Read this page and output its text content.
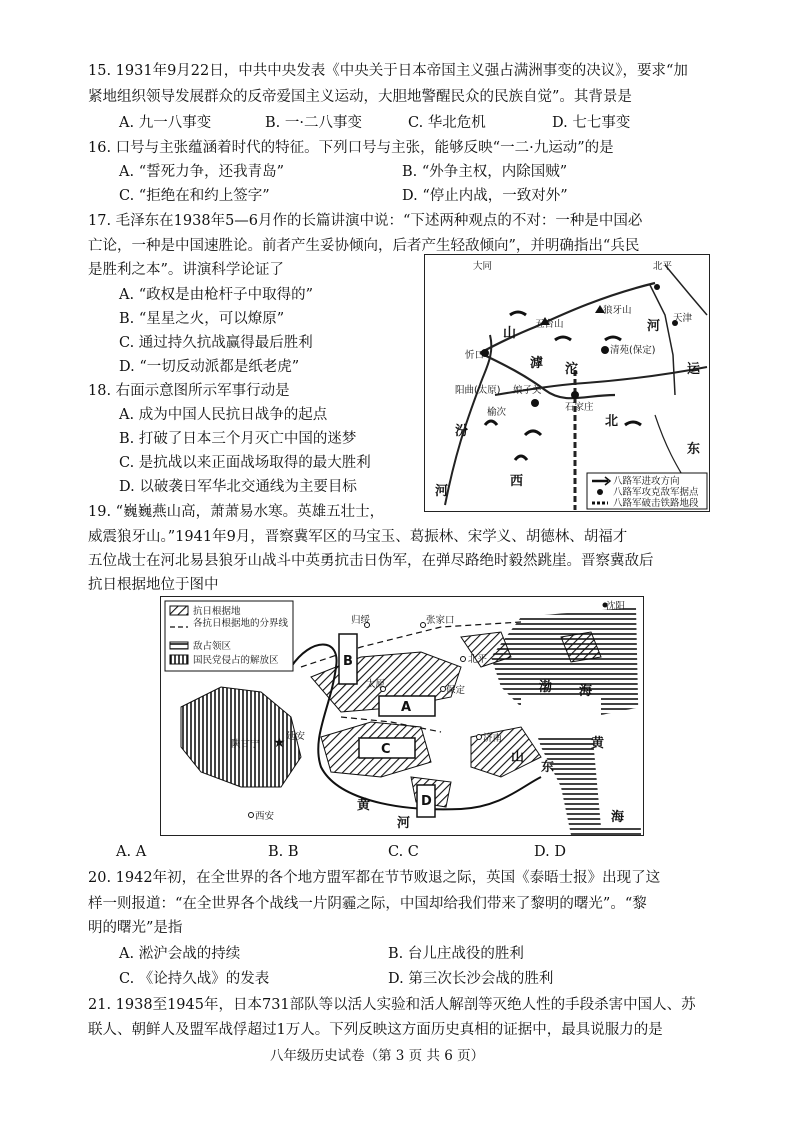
15. 1931年9月22日，中共中央发表《中央关于日本帝国主义强占满洲事变的决议》，要求“加
紧地组织领导发展群众的反帝爱国主义运动，大胆地警醒民众的民族自觉”。其背景是
A. 九一八事变	B. 一·二八事变	C. 华北危机	D. 七七事变
16. 口号与主张蕴涵着时代的特征。下列口号与主张，能够反映“一二·九运动”的是
A. “誓死力争，还我青岛”	B. “外争主权，内除国贼”
C. “拒绝在和约上签字”	D. “停止内战，一致对外”
17. 毛泽东在1938年5—6月作的长篇讲演中说：“下述两种观点的不对：一种是中国必
亡论，一种是中国速胜论。前者产生妥协倾向，后者产生轻敌倾向”，并明确指出“兵民
是胜利之本”。讲演科学论证了
A. “政权是由枪杆子中取得的”
B. “星星之火，可以燎原”
C. 通过持久抗战赢得最后胜利
D. “一切反动派都是纸老虎”
18. 右面示意图所示军事行动是
A. 成为中国人民抗日战争的起点
B. 打破了日本三个月灭亡中国的迷梦
C. 是抗战以来正面战场取得的最大胜利
D. 以破袭日军华北交通线为主要目标
大同	北平
五台山
狼牙山
天津
忻口	清苑(保定)
阳曲(太原) 娘子关
石家庄
榆次
山
西
河
北
汾
运
东
滹 沱
河
八路军进攻方向
八路军攻克敌军据点
八路军破击铁路地段
19. “巍巍燕山高，萧萧易水寒。英雄五壮士，
威震狼牙山。”1941年9月，晋察冀军区的马宝玉、葛振林、宋学义、胡德林、胡福才
五位战士在河北易县狼牙山战斗中英勇抗击日伪军，在弹尽路绝时毅然跳崖。晋察冀敌后
抗日根据地位于图中
A
B
C
D
★
沈阳
归绥	张家口
北平
保定
太原
延安
陕甘宁
济南
西安
渤 海
山
东
黄
海
黄
河
抗日根据地
各抗日根据地的分界线
敌占领区
国民党侵占的解放区
A. A	B. B	C. C	D. D
20. 1942年初，在全世界的各个地方盟军都在节节败退之际，英国《泰晤士报》出现了这
样一则报道：“在全世界各个战线一片阴霾之际，中国却给我们带来了黎明的曙光”。“黎
明的曙光”是指
A. 淞沪会战的持续	B. 台儿庄战役的胜利
C. 《论持久战》的发表	D. 第三次长沙会战的胜利
21. 1938至1945年，日本731部队等以活人实验和活人解剖等灭绝人性的手段杀害中国人、苏
联人、朝鲜人及盟军战俘超过1万人。下列反映这方面历史真相的证据中，最具说服力的是
八年级历史试卷（第 3 页 共 6 页）
